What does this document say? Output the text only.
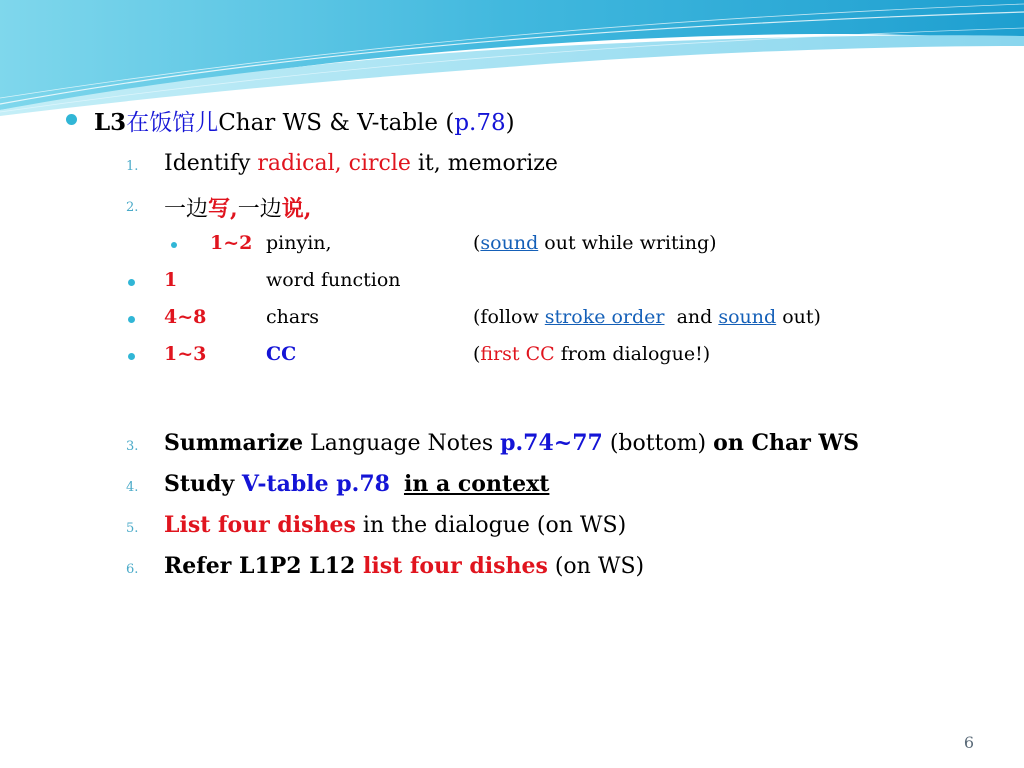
L3在饭馆儿Char WS & V-table (p.78)
1. Identify radical, circle it, memorize
2. 一边写,一边说,
1~2 pinyin,	(sound out while writing)
1	word function
4~8	chars	(follow stroke order  and sound out)
1~3	CC	(first CC from dialogue!)
3. Summarize Language Notes p.74~77 (bottom) on Char WS
4. Study V-table p.78 in a context
5. List four dishes in the dialogue (on WS)
6. Refer L1P2 L12 list four dishes (on WS)
6
